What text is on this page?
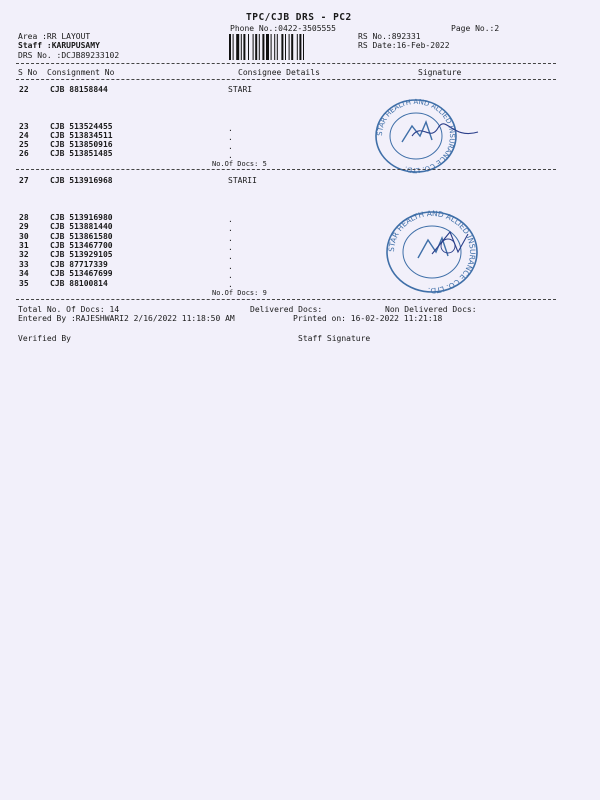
TPC/CJB DRS - PC2
Phone No.:0422-3505555	Page No.:2
Area :RR LAYOUT
Staff :KARUPUSAMY
DRS No. :DCJB89233102
RS No.:892331
RS Date:16-Feb-2022
S No Consignment No	Consignee Details	Signature
22	CJB 88158844	STARI
23	CJB 513524455
24	CJB 513834511
25	CJB 513850916
26	CJB 513851485
.
.
.
.
No.Of Docs: 5
STAR HEALTH AND ALLIED INSURANCE CO. LTD.
27	CJB 513916968	STARII
28	CJB 513916980
29	CJB 513881440
30	CJB 513861580
31	CJB 513467700
32	CJB 513929105
33	CJB 87717339
34	CJB 513467699
35	CJB 88100814
.
.
.
.
.
.
.
.
No.Of Docs: 9
STAR HEALTH AND ALLIED INSURANCE CO. LTD.
Total No. Of Docs: 14	Delivered Docs:	Non Delivered Docs:
Entered By :RAJESHWARI2 2/16/2022 11:18:50 AM	Printed on: 16-02-2022 11:21:18
Verified By	Staff Signature
